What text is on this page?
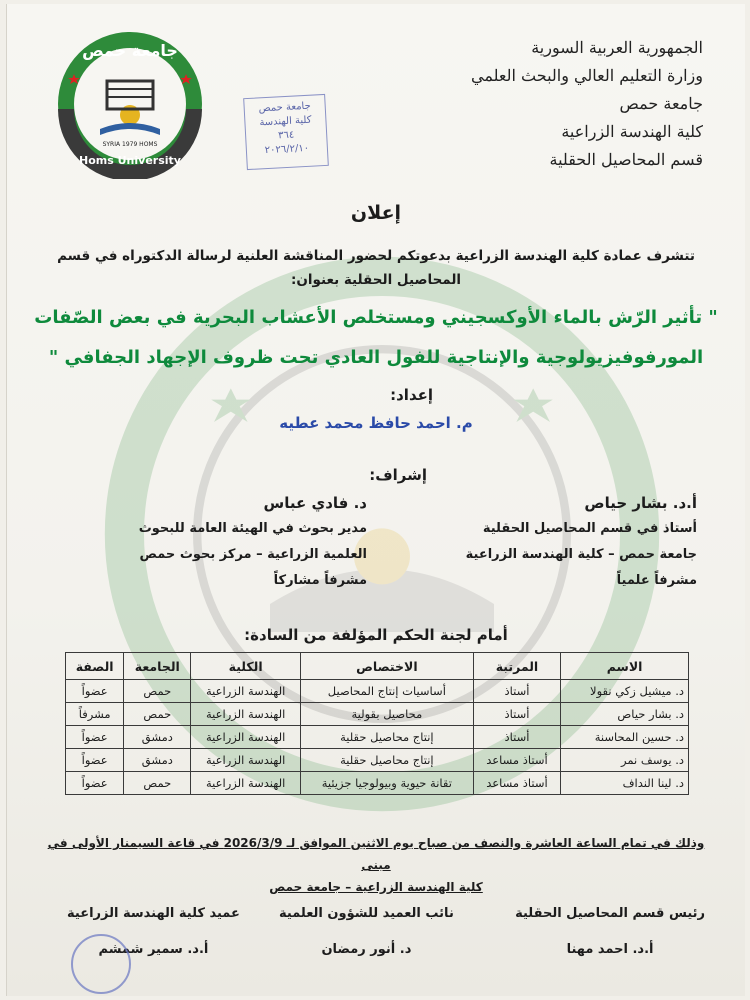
SYRIA 1979 HOMS
Homs University
جامعة حمص
جامعة حمص
كلية الهندسة
٣٦٤
٢٠٢٦/٢/١٠
الجمهورية العربية السورية
وزارة التعليم العالي والبحث العلمي
جامعة حمص
كلية الهندسة الزراعية
قسم المحاصيل الحقلية
إعلان
تتشرف عمادة كلية الهندسة الزراعية بدعوتكم لحضور المناقشة العلنية لرسالة الدكتوراه في قسم المحاصيل الحقلية بعنوان:
" تأثير الرّش بالماء الأوكسجيني ومستخلص الأعشاب البحرية في بعض الصّفات
المورفوفيزيولوجية والإنتاجية للفول العادي تحت ظروف الإجهاد الجفافي "
إعداد:
م. احمد حافظ محمد عطيه
إشراف:
أ.د. بشار حياص
أستاذ في قسم المحاصيل الحقلية
جامعة حمص – كلية الهندسة الزراعية
مشرفاً علمياً
د. فادي عباس
مدير بحوث في الهيئة العامة للبحوث
العلمية الزراعية – مركز بحوث حمص
مشرفاً مشاركاً
أمام لجنة الحكم المؤلفة من السادة:
الاسم	المرتبة	الاختصاص	الكلية	الجامعة	الصفة
د. ميشيل زكي نقولا	أستاذ	أساسيات إنتاج المحاصيل	الهندسة الزراعية	حمص	عضواً
د. بشار حياص	أستاذ	محاصيل بقولية	الهندسة الزراعية	حمص	مشرفاً
د. حسين المحاسنة	أستاذ	إنتاج محاصيل حقلية	الهندسة الزراعية	دمشق	عضواً
د. يوسف نمر	أستاذ مساعد	إنتاج محاصيل حقلية	الهندسة الزراعية	دمشق	عضواً
د. لينا النداف	أستاذ مساعد	تقانة حيوية وبيولوجيا جزيئية	الهندسة الزراعية	حمص	عضواً
وذلك في تمام الساعة العاشرة والنصف من صباح يوم الاثنين الموافق لـ 2026/3/9 في قاعة السيمنار الأولى في مبنى
كلية الهندسة الزراعية – جامعة حمص
رئيس قسم المحاصيل الحقلية
أ.د. احمد مهنا
نائب العميد للشؤون العلمية
د. أنور رمضان
عميد كلية الهندسة الزراعية
أ.د. سمير شمشم
